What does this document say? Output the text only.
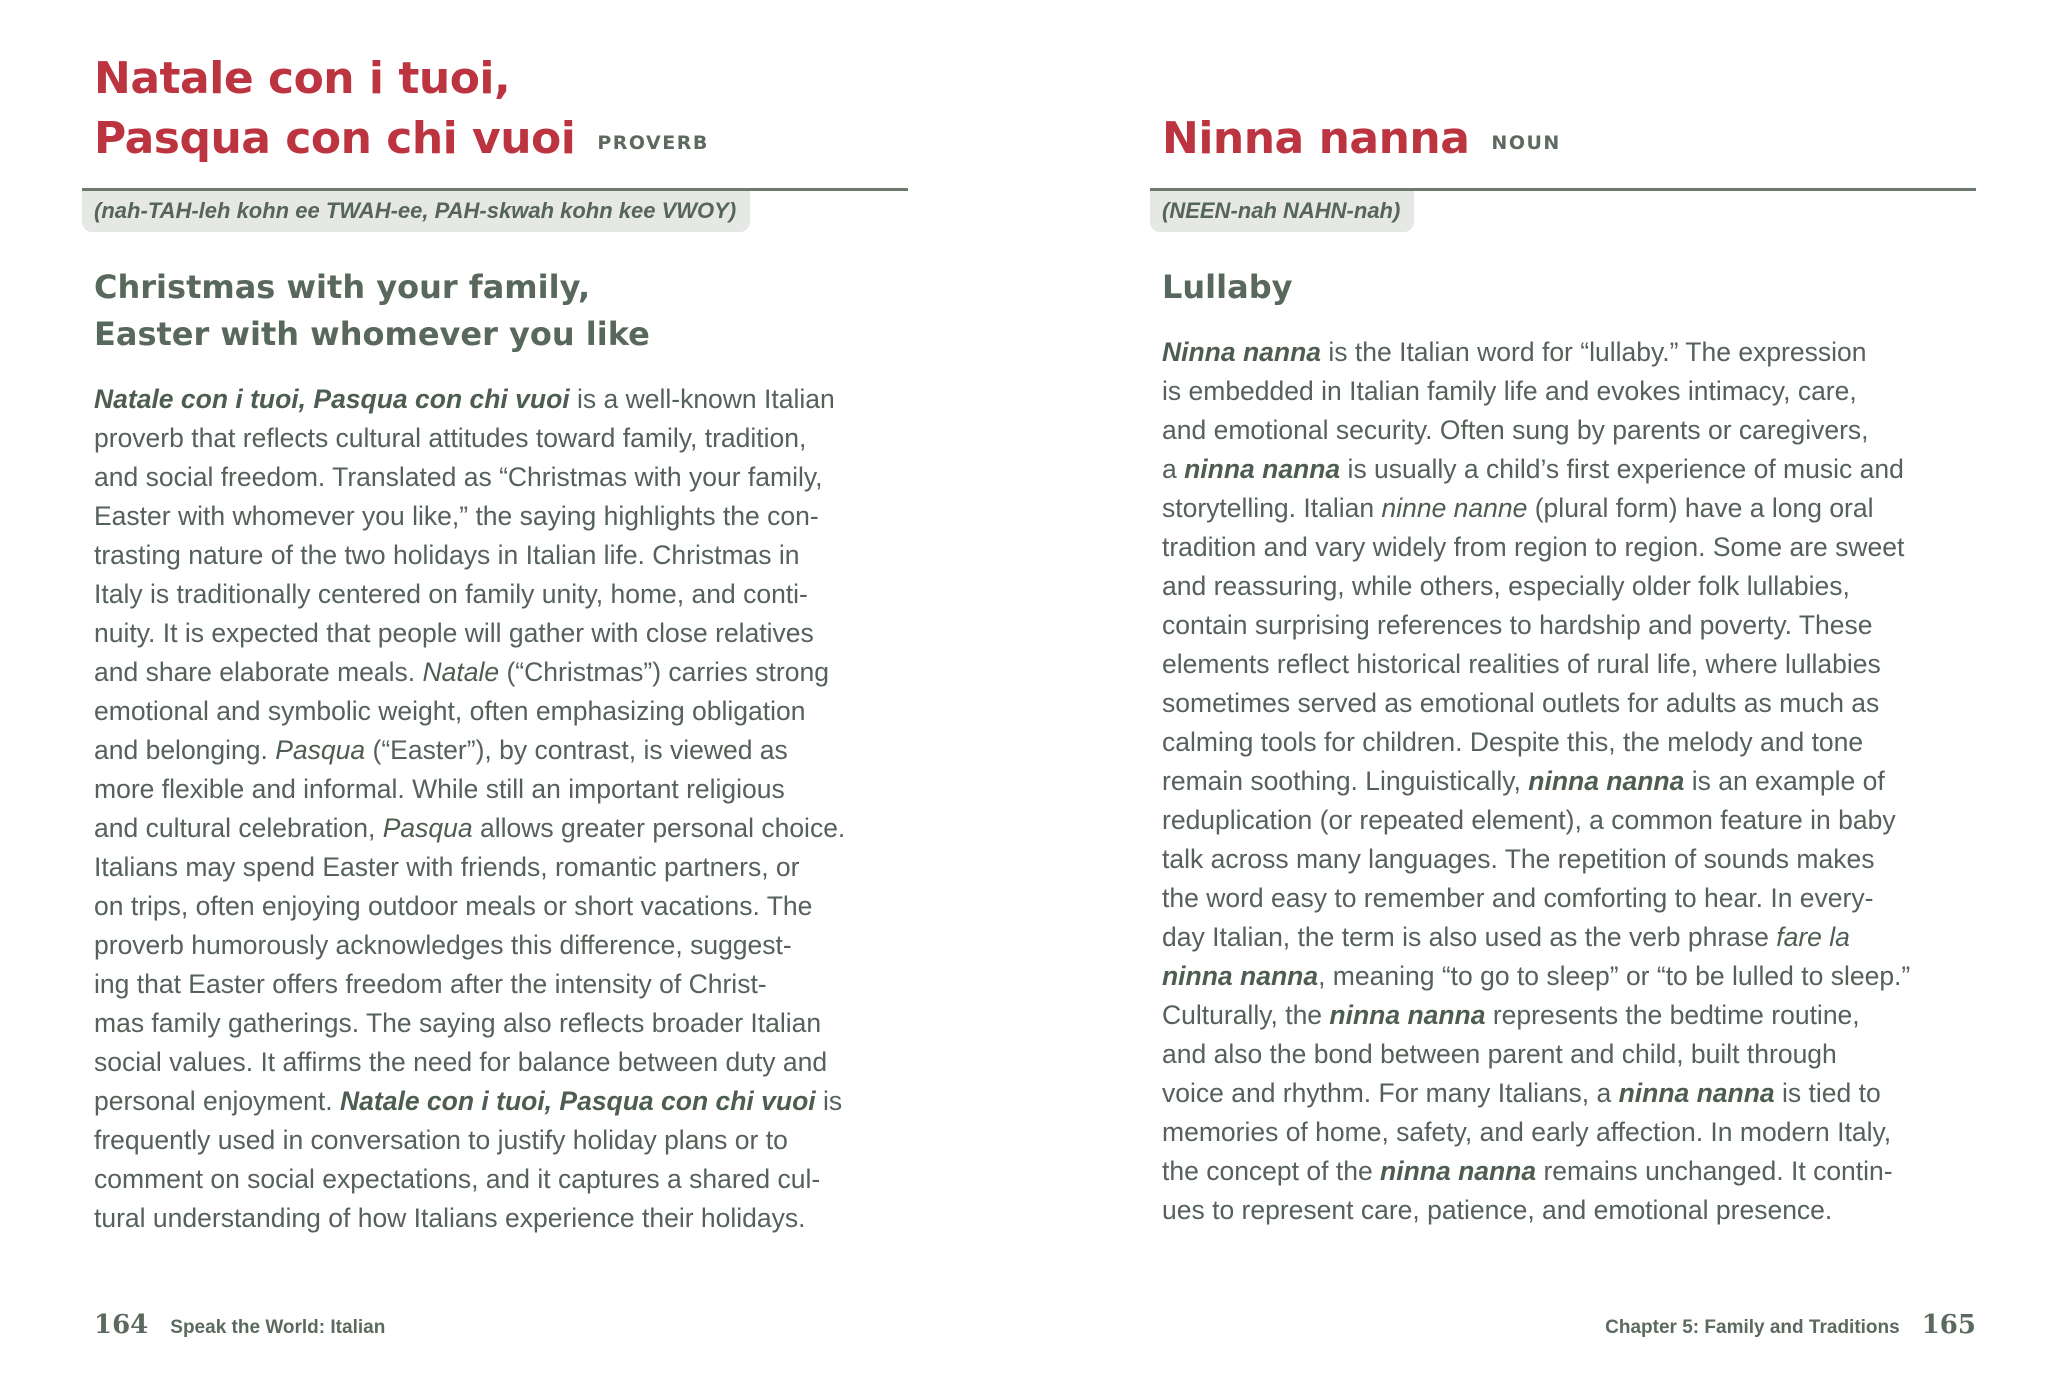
Natale con i tuoi,
Pasqua con chi vuoi PROVERB
(nah-TAH-leh kohn ee TWAH-ee, PAH-skwah kohn kee VWOY)
Christmas with your family,
Easter with whomever you like

Natale con i tuoi, Pasqua con chi vuoi is a well-known Italian
proverb that reflects cultural attitudes toward family, tradition,
and social freedom. Translated as “Christmas with your family,
Easter with whomever you like,” the saying highlights the con-
trasting nature of the two holidays in Italian life. Christmas in
Italy is traditionally centered on family unity, home, and conti-
nuity. It is expected that people will gather with close relatives
and share elaborate meals. Natale (“Christmas”) carries strong
emotional and symbolic weight, often emphasizing obligation
and belonging. Pasqua (“Easter”), by contrast, is viewed as
more flexible and informal. While still an important religious
and cultural celebration, Pasqua allows greater personal choice.
Italians may spend Easter with friends, romantic partners, or
on trips, often enjoying outdoor meals or short vacations. The
proverb humorously acknowledges this difference, suggest-
ing that Easter offers freedom after the intensity of Christ-
mas family gatherings. The saying also reflects broader Italian
social values. It affirms the need for balance between duty and
personal enjoyment. Natale con i tuoi, Pasqua con chi vuoi is
frequently used in conversation to justify holiday plans or to
comment on social expectations, and it captures a shared cul-
tural understanding of how Italians experience their holidays.

164 Speak the World: Italian
Ninna nanna NOUN
(NEEN-nah NAHN-nah)
Lullaby

Ninna nanna is the Italian word for “lullaby.” The expression
is embedded in Italian family life and evokes intimacy, care,
and emotional security. Often sung by parents or caregivers,
a ninna nanna is usually a child’s first experience of music and
storytelling. Italian ninne nanne (plural form) have a long oral
tradition and vary widely from region to region. Some are sweet
and reassuring, while others, especially older folk lullabies,
contain surprising references to hardship and poverty. These
elements reflect historical realities of rural life, where lullabies
sometimes served as emotional outlets for adults as much as
calming tools for children. Despite this, the melody and tone
remain soothing. Linguistically, ninna nanna is an example of
reduplication (or repeated element), a common feature in baby
talk across many languages. The repetition of sounds makes
the word easy to remember and comforting to hear. In every-
day Italian, the term is also used as the verb phrase fare la
ninna nanna, meaning “to go to sleep” or “to be lulled to sleep.”
Culturally, the ninna nanna represents the bedtime routine,
and also the bond between parent and child, built through
voice and rhythm. For many Italians, a ninna nanna is tied to
memories of home, safety, and early affection. In modern Italy,
the concept of the ninna nanna remains unchanged. It contin-
ues to represent care, patience, and emotional presence.

Chapter 5: Family and Traditions 165
